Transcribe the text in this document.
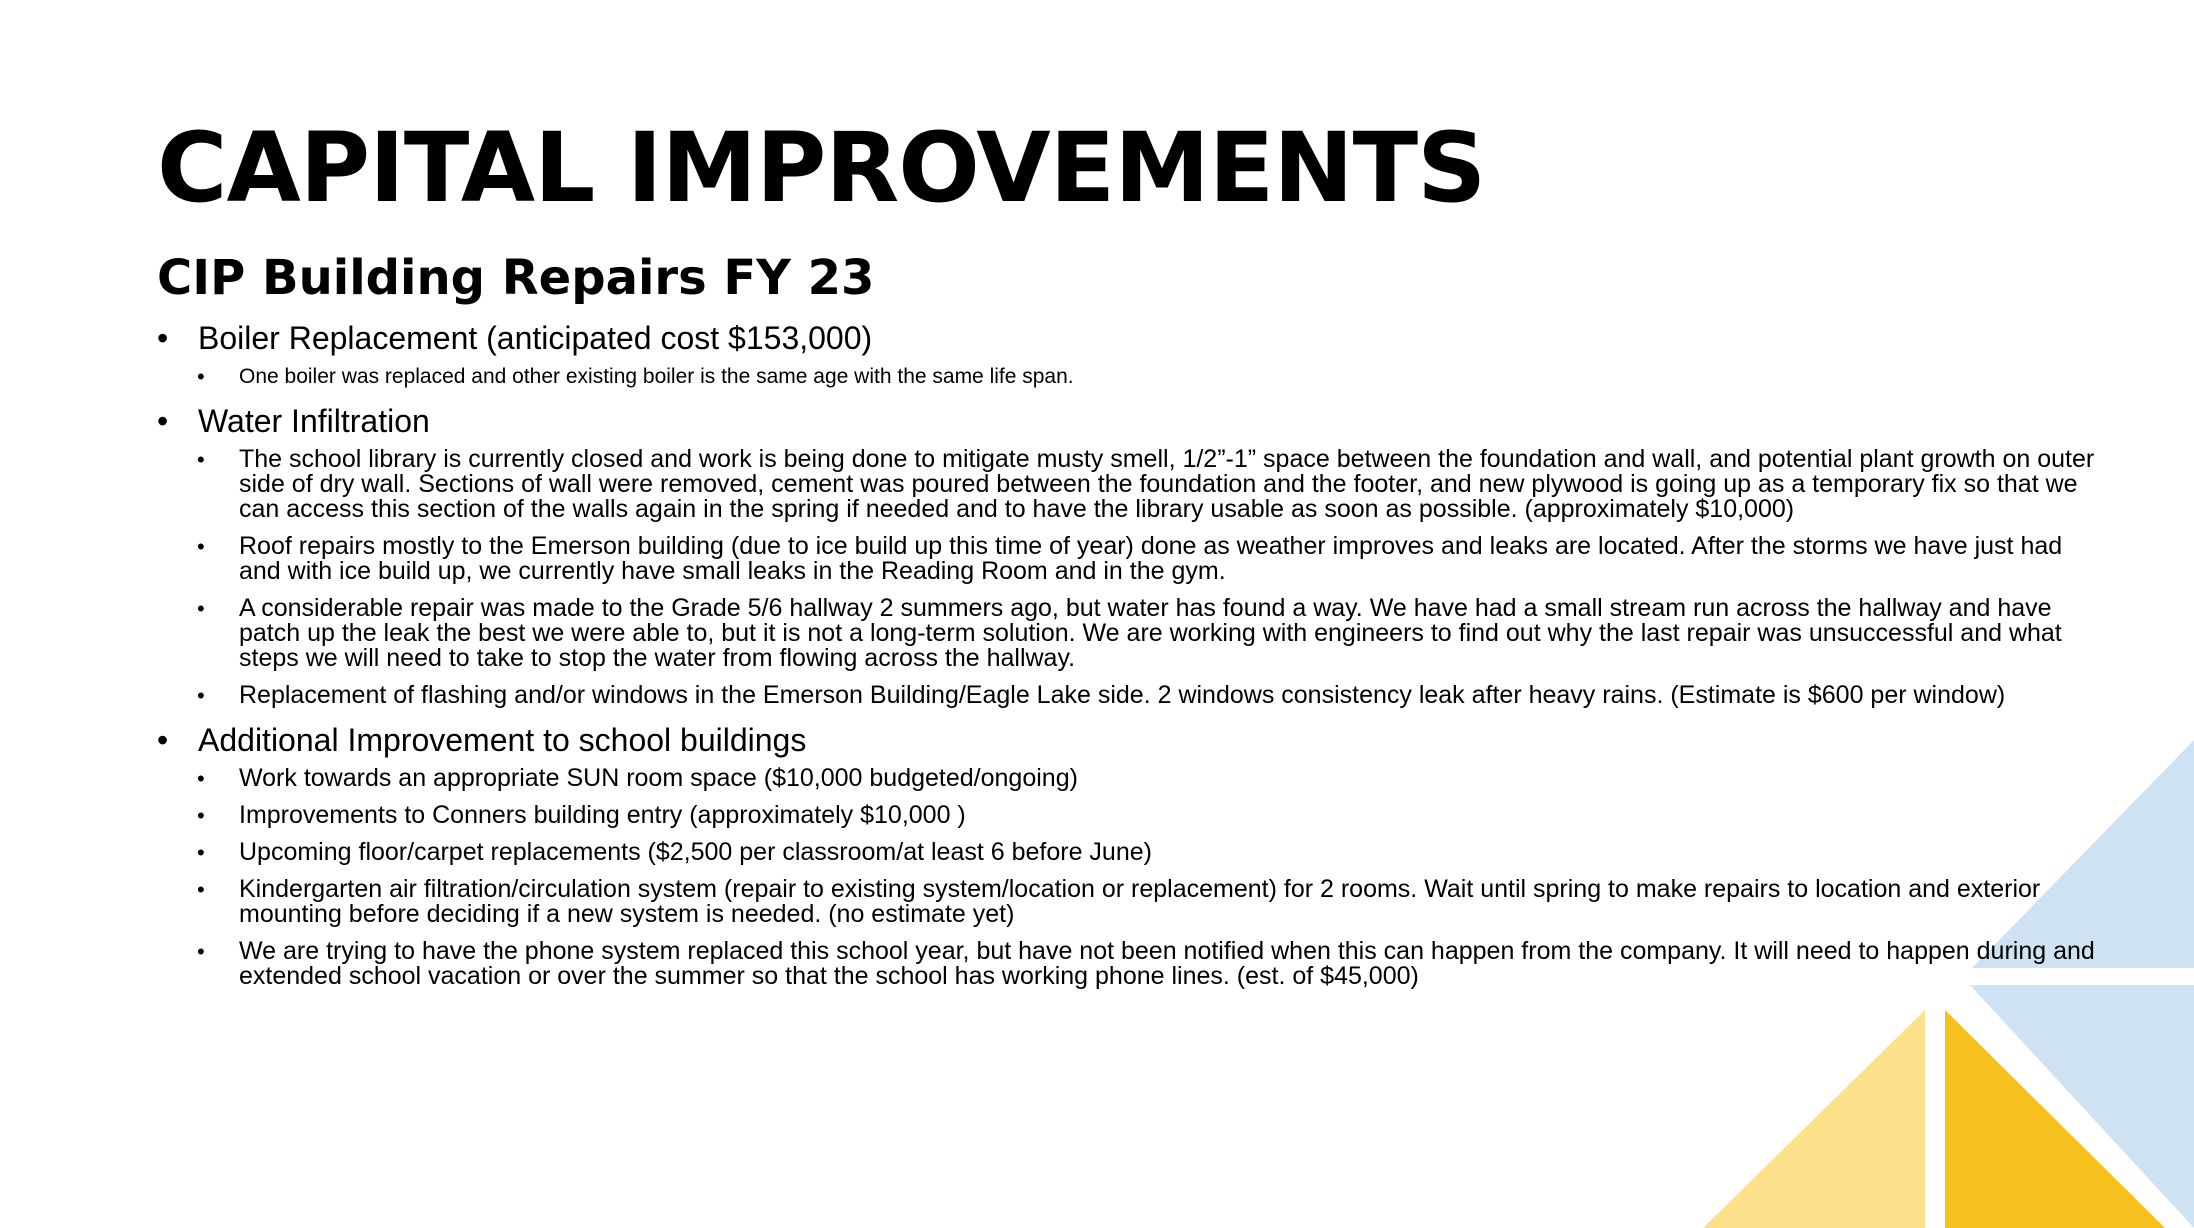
CAPITAL IMPROVEMENTS
CIP Building Repairs FY 23
• Boiler Replacement (anticipated cost $153,000)
• One boiler was replaced and other existing boiler is the same age with the same life span.
• Water Infiltration
• The school library is currently closed and work is being done to mitigate musty smell, 1/2”-1” space between the foundation and wall, and potential plant growth on outer side of dry wall. Sections of wall were removed, cement was poured between the foundation and the footer, and new plywood is going up as a temporary fix so that we can access this section of the walls again in the spring if needed and to have the library usable as soon as possible. (approximately $10,000)
• Roof repairs mostly to the Emerson building (due to ice build up this time of year) done as weather improves and leaks are located. After the storms we have just had and with ice build up, we currently have small leaks in the Reading Room and in the gym.
• A considerable repair was made to the Grade 5/6 hallway 2 summers ago, but water has found a way. We have had a small stream run across the hallway and have patch up the leak the best we were able to, but it is not a long-term solution. We are working with engineers to find out why the last repair was unsuccessful and what steps we will need to take to stop the water from flowing across the hallway.
• Replacement of flashing and/or windows in the Emerson Building/Eagle Lake side. 2 windows consistency leak after heavy rains. (Estimate is $600 per window)
• Additional Improvement to school buildings
• Work towards an appropriate SUN room space ($10,000 budgeted/ongoing)
• Improvements to Conners building entry (approximately $10,000 )
• Upcoming floor/carpet replacements ($2,500 per classroom/at least 6 before June)
• Kindergarten air filtration/circulation system (repair to existing system/location or replacement) for 2 rooms. Wait until spring to make repairs to location and exterior mounting before deciding if a new system is needed. (no estimate yet)
• We are trying to have the phone system replaced this school year, but have not been notified when this can happen from the company. It will need to happen during and extended school vacation or over the summer so that the school has working phone lines. (est. of $45,000)
